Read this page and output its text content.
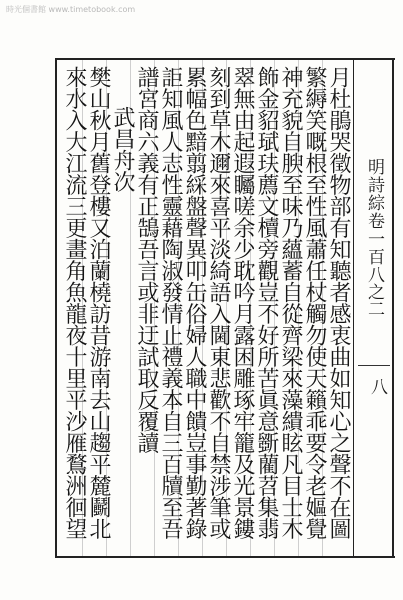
時光個書館 www.timetobook.com
明詩綜卷一百八之二
八
月杜鵑哭徵物部有知聽者感衷曲如知心之聲不在圖
繁縟笑嘅根至性風蕭任杖觸勿使天籟乖要令老嫗覺
神充貌自腴至味乃蘊蓄自從齊梁來藻繢眩凡目士木
飾金貂珷玞薦文櫝旁觀豈不好所苦眞意斵藺苕集翡
翠無由起遐矚嗟余少耽吟月露困雕琢牢籠及光景鏤
刻到草木邇來喜平淡綺語入閫東悲歡不自禁涉筆或
累幅色黯翦綵盤聲異叩缶俗婦人職中饋豈事勤著錄
詎知風人志性靈藉陶淑發情止禮義本自三百牘至吾
譜宮商六義有正鵠吾言或非迂試取反覆讀
武昌舟次
樊山秋月舊登樓又泊蘭橈訪昔游南去山趨平麓鬬北
來水入大江流三更畫角魚龍夜十里平沙雁鶩洲徊望
